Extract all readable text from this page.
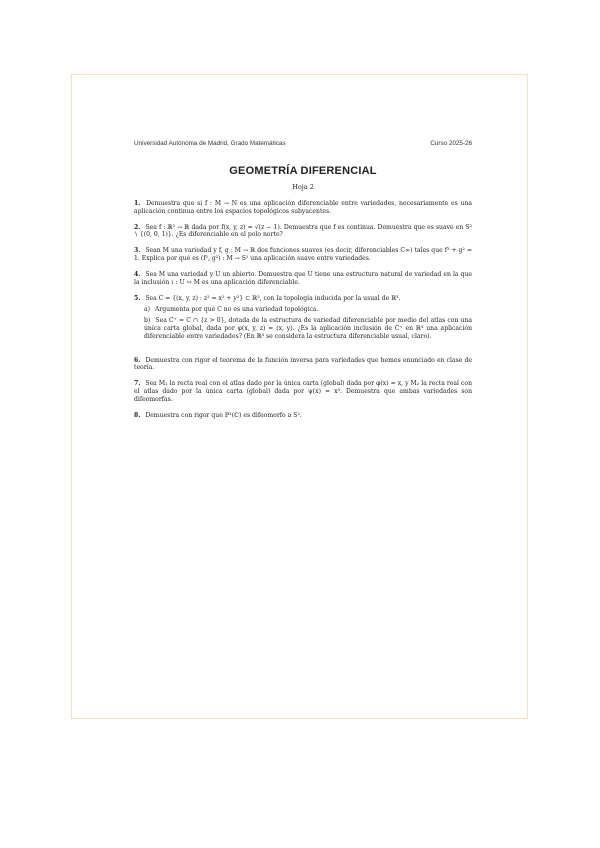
Universidad Autónoma de Madrid, Grado Matemáticas	Curso 2025-26
GEOMETRÍA DIFERENCIAL
Hoja 2
1. Demuestra que si f : M → N es una aplicación diferenciable entre variedades, necesariamente es una aplicación continua entre los espacios topológicos subyacentes.
2. Sea f : ℝ³ → ℝ dada por f(x, y, z) = √(z − 1). Demuestra que f es continua. Demuestra que es suave en S² ∖ {(0, 0, 1)}. ¿Es diferenciable en el polo norte?
3. Sean M una variedad y f, g : M → ℝ dos funciones suaves (es decir, diferenciables C∞) tales que f² + g² = 1. Explica por qué es (f², g²) : M → S¹ una aplicación suave entre variedades.
4. Sea M una variedad y U un abierto. Demuestra que U tiene una estructura natural de variedad en la que la inclusión ι : U ↪ M es una aplicación diferenciable.
5. Sea C = {(x, y, z) : z² = x² + y²} ⊂ ℝ³, con la topología inducida por la usual de ℝ³.
a) Argumenta por qué C no es una variedad topológica.
b) Sea C⁺ = C ∩ {z > 0}, dotada de la estructura de variedad diferenciable por medio del atlas con una única carta global, dada por φ(x, y, z) = (x, y). ¿Es la aplicación inclusión de C⁺ en ℝ³ una aplicación diferenciable entre variedades? (En ℝ³ se considera la estructura diferenciable usual, claro).
6. Demuestra con rigor el teorema de la función inversa para variedades que hemos enunciado en clase de teoría.
7. Sea M₁ la recta real con el atlas dado por la única carta (global) dada por φ(x) = x, y M₂ la recta real con el atlas dado por la única carta (global) dada por ψ(x) = x³. Demuestra que ambas variedades son difeomorfas.
8. Demuestra con rigor que ℙ¹(ℂ) es difeomorfo a S².
